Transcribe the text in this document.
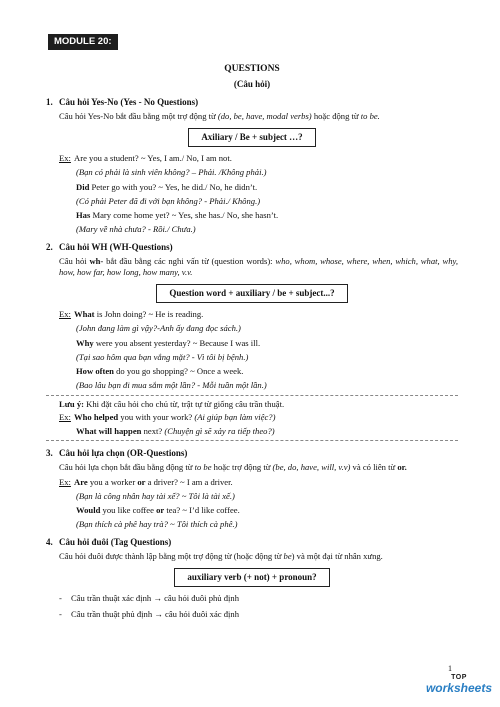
MODULE 20:
QUESTIONS
(Câu hỏi)
1. Câu hỏi Yes-No (Yes - No Questions)
Câu hỏi Yes-No bắt đầu bằng một trợ động từ (do, be, have, modal verbs) hoặc động từ to be.
Axiliary / Be + subject …?
Ex: Are you a student? ~ Yes, I am./ No, I am not.
(Bạn có phải là sinh viên không? – Phải. /Không phải.)
Did Peter go with you? ~ Yes, he did./ No, he didn’t.
(Có phải Peter đã đi với bạn không? - Phải./ Không.)
Has Mary come home yet? ~ Yes, she has./ No, she hasn’t.
(Mary về nhà chưa? - Rồi./ Chưa.)
2. Câu hỏi WH (WH-Questions)
Câu hỏi wh- bắt đầu bằng các nghi vấn từ (question words): who, whom, whose, where, when, which, what, why, how, how far, how long, how many, v.v.
Question word + auxiliary / be + subject...?
Ex: What is John doing? ~ He is reading.
(John đang làm gì vậy?-Anh ấy đang đọc sách.)
Why were you absent yesterday? ~ Because I was ill.
(Tại sao hôm qua bạn vắng mặt? - Vì tôi bị bệnh.)
How often do you go shopping? ~ Once a week.
(Bao lâu bạn đi mua sắm một lần? - Mỗi tuần một lần.)
Lưu ý: Khi đặt câu hỏi cho chủ từ, trật tự từ giống câu trần thuật.
Ex: Who helped you with your work? (Ai giúp bạn làm việc?)
What will happen next? (Chuyện gì sẽ xảy ra tiếp theo?)
3. Câu hỏi lựa chọn (OR-Questions)
Câu hỏi lựa chọn bắt đầu bằng động từ to be hoặc trợ động từ (be, do, have, will, v.v) và có liên từ or.
Ex: Are you a worker or a driver? ~ I am a driver.
(Bạn là công nhân hay tài xế? ~ Tôi là tài xế.)
Would you like coffee or tea? ~ I’d like coffee.
(Bạn thích cà phê hay trà? ~ Tôi thích cà phê.)
4. Câu hỏi đuôi (Tag Questions)
Câu hỏi đuôi được thành lập bằng một trợ động từ (hoặc động từ be) và một đại từ nhân xưng.
auxiliary verb (+ not) + pronoun?
-	Câu trần thuật xác định → câu hỏi đuôi phủ định
-	Câu trần thuật phủ định → câu hỏi đuôi xác định
1
TOP
worksheets
